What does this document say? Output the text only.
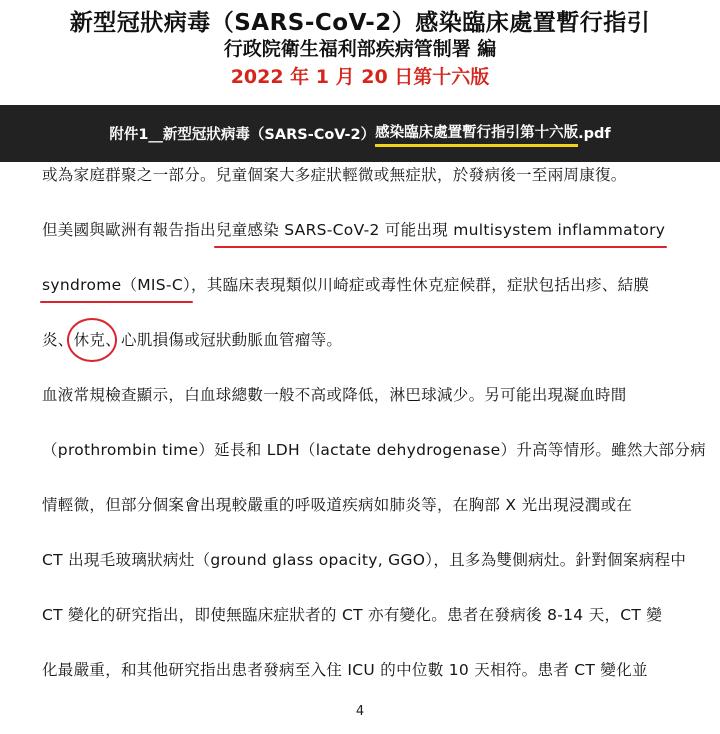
新型冠狀病毒（SARS-CoV-2）感染臨床處置暫行指引
行政院衛生福利部疾病管制署 編
2022 年 1 月 20 日第十六版
附件1__新型冠狀病毒（SARS-CoV-2） 感染臨床處置暫行指引第十六版 .pdf
或為家庭群聚之一部分。兒童個案大多症狀輕微或無症狀，於發病後一至兩周康復。
但美國與歐洲有報告指出兒童感染 SARS-CoV-2 可能出現 multisystem inflammatory
syndrome（MIS-C），其臨床表現類似川崎症或毒性休克症候群，症狀包括出疹、結膜
炎、
休克、心肌損傷或冠狀動脈血管瘤等。
血液常規檢查顯示，白血球總數一般不高或降低，淋巴球減少。另可能出現凝血時間
（prothrombin time）延長和 LDH（lactate dehydrogenase）升高等情形。雖然大部分病
情輕微，但部分個案會出現較嚴重的呼吸道疾病如肺炎等，在胸部 X 光出現浸潤或在
CT 出現毛玻璃狀病灶（ground glass opacity, GGO），且多為雙側病灶。針對個案病程中
CT 變化的研究指出，即使無臨床症狀者的 CT 亦有變化。患者在發病後 8-14 天，CT 變
化最嚴重，和其他研究指出患者發病至入住 ICU 的中位數 10 天相符。患者 CT 變化並
4
